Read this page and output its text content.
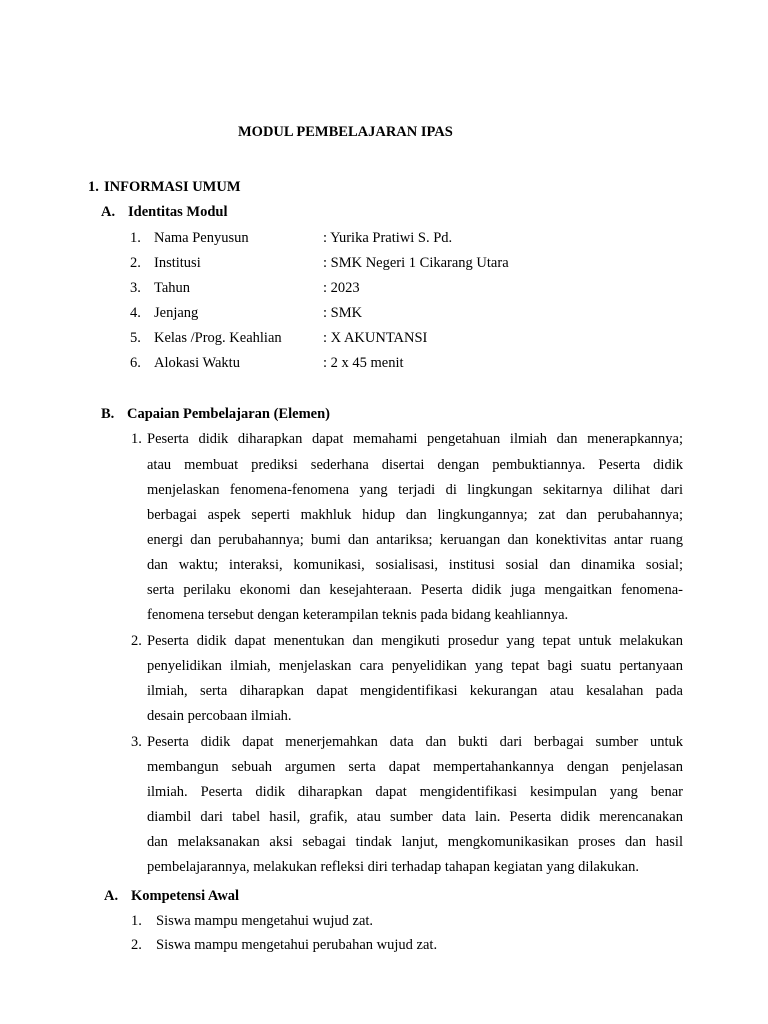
MODUL PEMBELAJARAN IPAS
1. INFORMASI UMUM
A. Identitas Modul
1. Nama Penyusun	: Yurika Pratiwi S. Pd.
2. Institusi	: SMK Negeri 1 Cikarang Utara
3. Tahun	: 2023
4. Jenjang	: SMK
5. Kelas /Prog. Keahlian	: X AKUNTANSI
6. Alokasi Waktu	: 2 x 45 menit
B. Capaian Pembelajaran (Elemen)
1. Peserta didik diharapkan dapat memahami pengetahuan ilmiah dan menerapkannya;
atau membuat prediksi sederhana disertai dengan pembuktiannya. Peserta didik
menjelaskan fenomena-fenomena yang terjadi di lingkungan sekitarnya dilihat dari
berbagai aspek seperti makhluk hidup dan lingkungannya; zat dan perubahannya;
energi dan perubahannya; bumi dan antariksa; keruangan dan konektivitas antar ruang
dan waktu; interaksi, komunikasi, sosialisasi, institusi sosial dan dinamika sosial;
serta perilaku ekonomi dan kesejahteraan. Peserta didik juga mengaitkan fenomena-
fenomena tersebut dengan keterampilan teknis pada bidang keahliannya.
2. Peserta didik dapat menentukan dan mengikuti prosedur yang tepat untuk melakukan
penyelidikan ilmiah, menjelaskan cara penyelidikan yang tepat bagi suatu pertanyaan
ilmiah, serta diharapkan dapat mengidentifikasi kekurangan atau kesalahan pada
desain percobaan ilmiah.
3. Peserta didik dapat menerjemahkan data dan bukti dari berbagai sumber untuk
membangun sebuah argumen serta dapat mempertahankannya dengan penjelasan
ilmiah. Peserta didik diharapkan dapat mengidentifikasi kesimpulan yang benar
diambil dari tabel hasil, grafik, atau sumber data lain. Peserta didik merencanakan
dan melaksanakan aksi sebagai tindak lanjut, mengkomunikasikan proses dan hasil
pembelajarannya, melakukan refleksi diri terhadap tahapan kegiatan yang dilakukan.
A. Kompetensi Awal
1. Siswa mampu mengetahui wujud zat.
2. Siswa mampu mengetahui perubahan wujud zat.
